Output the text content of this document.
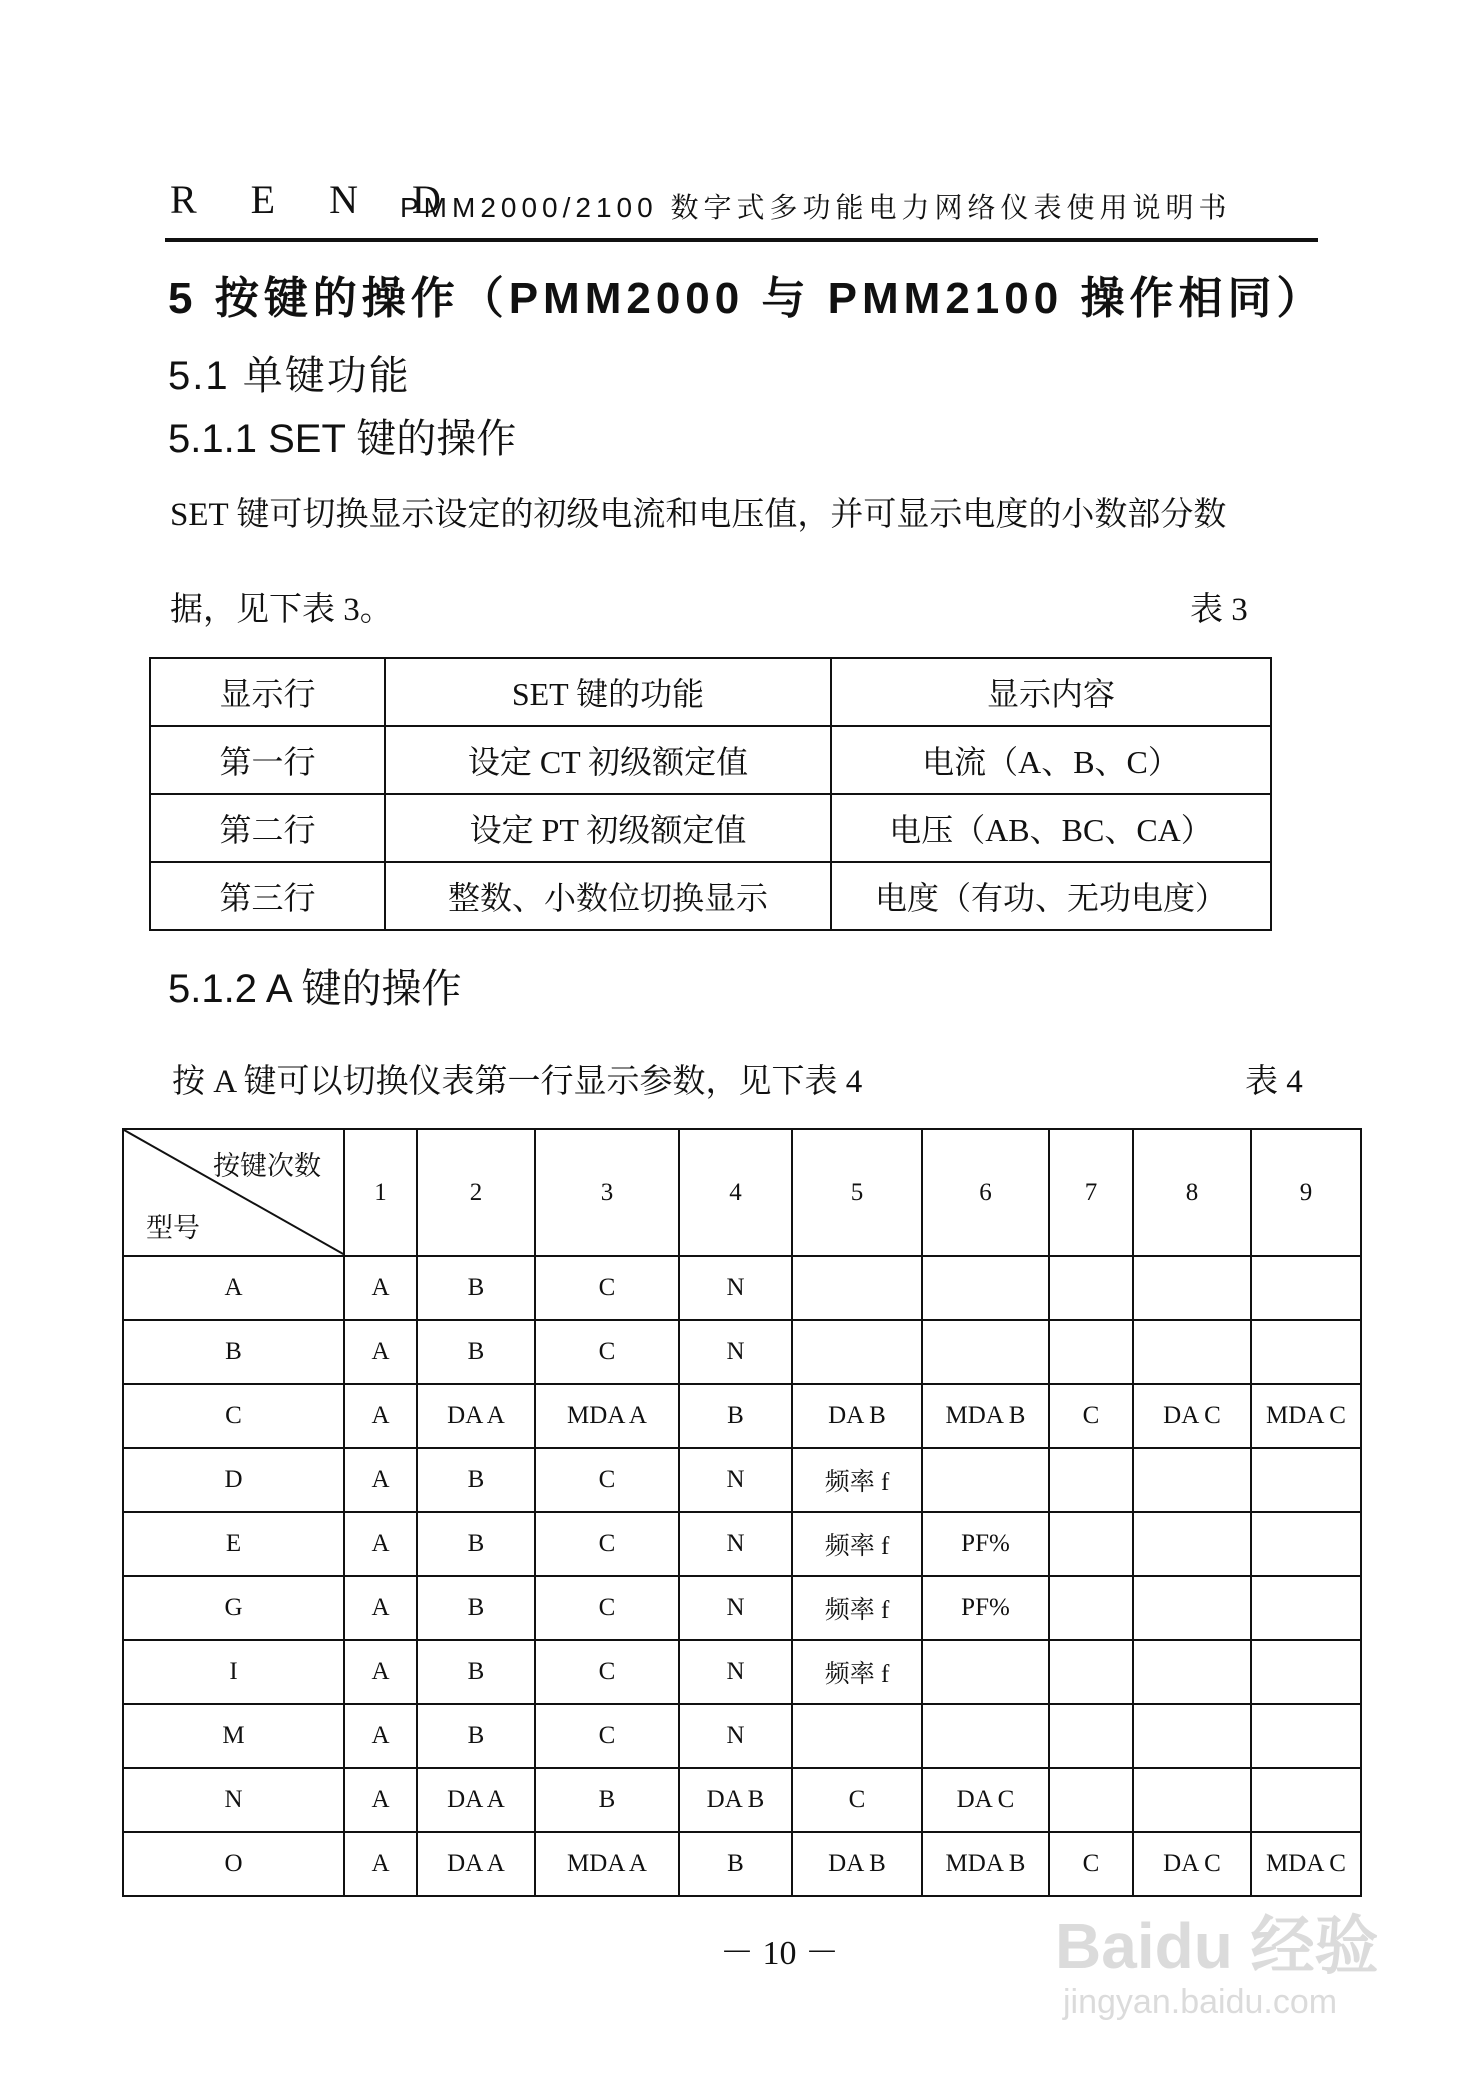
R E N D
PMM2000/2100 数字式多功能电力网络仪表使用说明书
5 按键的操作（PMM2000 与 PMM2100 操作相同）
5.1 单键功能
5.1.1 SET 键的操作
SET 键可切换显示设定的初级电流和电压值，并可显示电度的小数部分数
据，见下表 3。	表 3
显示行	SET 键的功能	显示内容
第一行	设定 CT 初级额定值	电流（A、B、C）
第二行	设定 PT 初级额定值	电压（AB、BC、CA）
第三行	整数、小数位切换显示	电度（有功、无功电度）
5.1.2 A 键的操作
按 A 键可以切换仪表第一行显示参数，见下表 4	表 4
按键次数
型号	1	2	3	4	5	6	7	8	9
A	A	B	C	N					
B	A	B	C	N					
C	A	DA A	MDA A	B	DA B	MDA B	C	DA C	MDA C
D	A	B	C	N	频率 f				
E	A	B	C	N	频率 f	PF%			
G	A	B	C	N	频率 f	PF%			
I	A	B	C	N	频率 f				
M	A	B	C	N					
N	A	DA A	B	DA B	C	DA C			
O	A	DA A	MDA A	B	DA B	MDA B	C	DA C	MDA C
－ 10 －	Baidu 经验
jingyan.baidu.com
